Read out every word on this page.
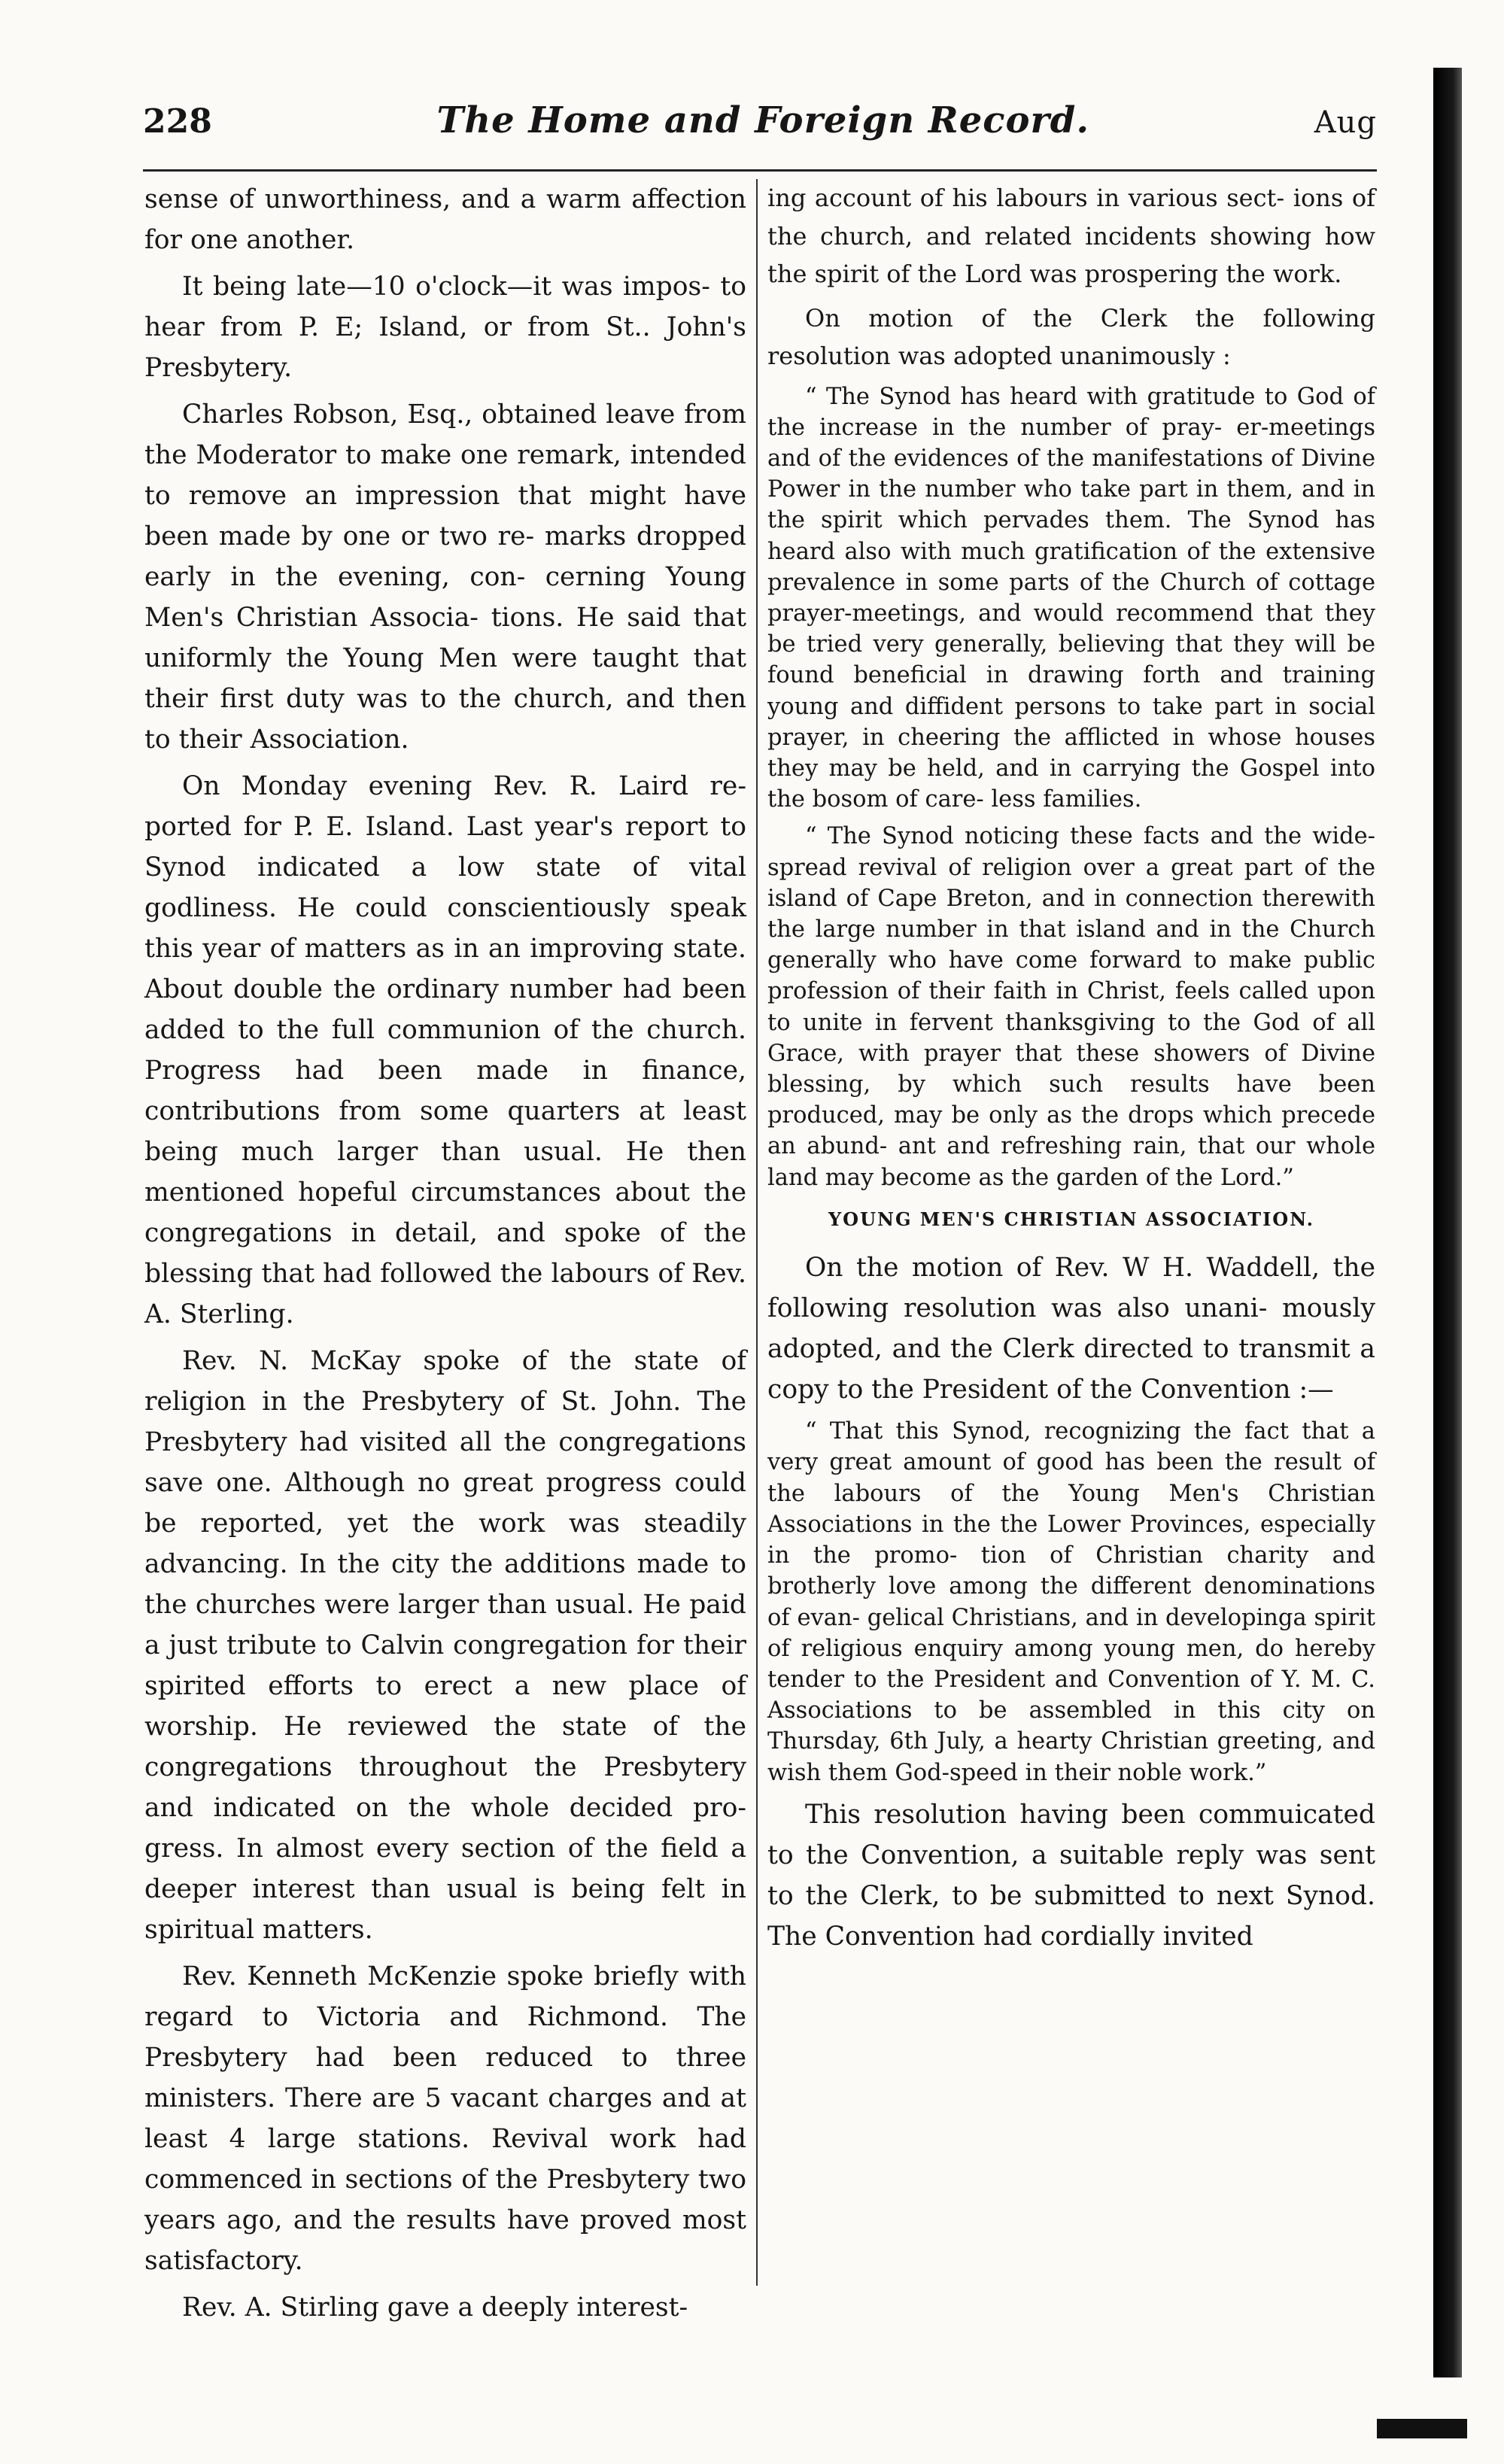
228	The Home and Foreign Record.	Aug

sense of unworthiness, and a warm affection for one another.

It being late—10 o'clock—it was impos- to hear from P. E; Island, or from St.. John's Presbytery.

Charles Robson, Esq., obtained leave from the Moderator to make one remark, intended to remove an impression that might have been made by one or two re- marks dropped early in the evening, con- cerning Young Men's Christian Associa- tions. He said that uniformly the Young Men were taught that their first duty was to the church, and then to their Association.

On Monday evening Rev. R. Laird re- ported for P. E. Island. Last year's report to Synod indicated a low state of vital godliness. He could conscientiously speak this year of matters as in an improving state. About double the ordinary number had been added to the full communion of the church. Progress had been made in finance, contributions from some quarters at least being much larger than usual. He then mentioned hopeful circumstances about the congregations in detail, and spoke of the blessing that had followed the labours of Rev. A. Sterling.

Rev. N. McKay spoke of the state of religion in the Presbytery of St. John. The Presbytery had visited all the congregations save one. Although no great progress could be reported, yet the work was steadily advancing. In the city the additions made to the churches were larger than usual. He paid a just tribute to Calvin congregation for their spirited efforts to erect a new place of worship. He reviewed the state of the congregations throughout the Presbytery and indicated on the whole decided pro- gress. In almost every section of the field a deeper interest than usual is being felt in spiritual matters.

Rev. Kenneth McKenzie spoke briefly with regard to Victoria and Richmond. The Presbytery had been reduced to three ministers. There are 5 vacant charges and at least 4 large stations. Revival work had commenced in sections of the Presbytery two years ago, and the results have proved most satisfactory.

Rev. A. Stirling gave a deeply interest-

ing account of his labours in various sect- ions of the church, and related incidents showing how the spirit of the Lord was prospering the work.

On motion of the Clerk the following resolution was adopted unanimously :

“ The Synod has heard with gratitude to God of the increase in the number of pray- er-meetings and of the evidences of the manifestations of Divine Power in the number who take part in them, and in the spirit which pervades them. The Synod has heard also with much gratification of the extensive prevalence in some parts of the Church of cottage prayer-meetings, and would recommend that they be tried very generally, believing that they will be found beneficial in drawing forth and training young and diffident persons to take part in social prayer, in cheering the afflicted in whose houses they may be held, and in carrying the Gospel into the bosom of care- less families.

“ The Synod noticing these facts and the wide-spread revival of religion over a great part of the island of Cape Breton, and in connection therewith the large number in that island and in the Church generally who have come forward to make public profession of their faith in Christ, feels called upon to unite in fervent thanksgiving to the God of all Grace, with prayer that these showers of Divine blessing, by which such results have been produced, may be only as the drops which precede an abund- ant and refreshing rain, that our whole land may become as the garden of the Lord.”

YOUNG MEN'S CHRISTIAN ASSOCIATION.

On the motion of Rev. W H. Waddell, the following resolution was also unani- mously adopted, and the Clerk directed to transmit a copy to the President of the Convention :—

“ That this Synod, recognizing the fact that a very great amount of good has been the result of the labours of the Young Men's Christian Associations in the the Lower Provinces, especially in the promo- tion of Christian charity and brotherly love among the different denominations of evan- gelical Christians, and in developinga spirit of religious enquiry among young men, do hereby tender to the President and Convention of Y. M. C. Associations to be assembled in this city on Thursday, 6th July, a hearty Christian greeting, and wish them God-speed in their noble work.”

This resolution having been commuicated to the Convention, a suitable reply was sent to the Clerk, to be submitted to next Synod. The Convention had cordially invited
